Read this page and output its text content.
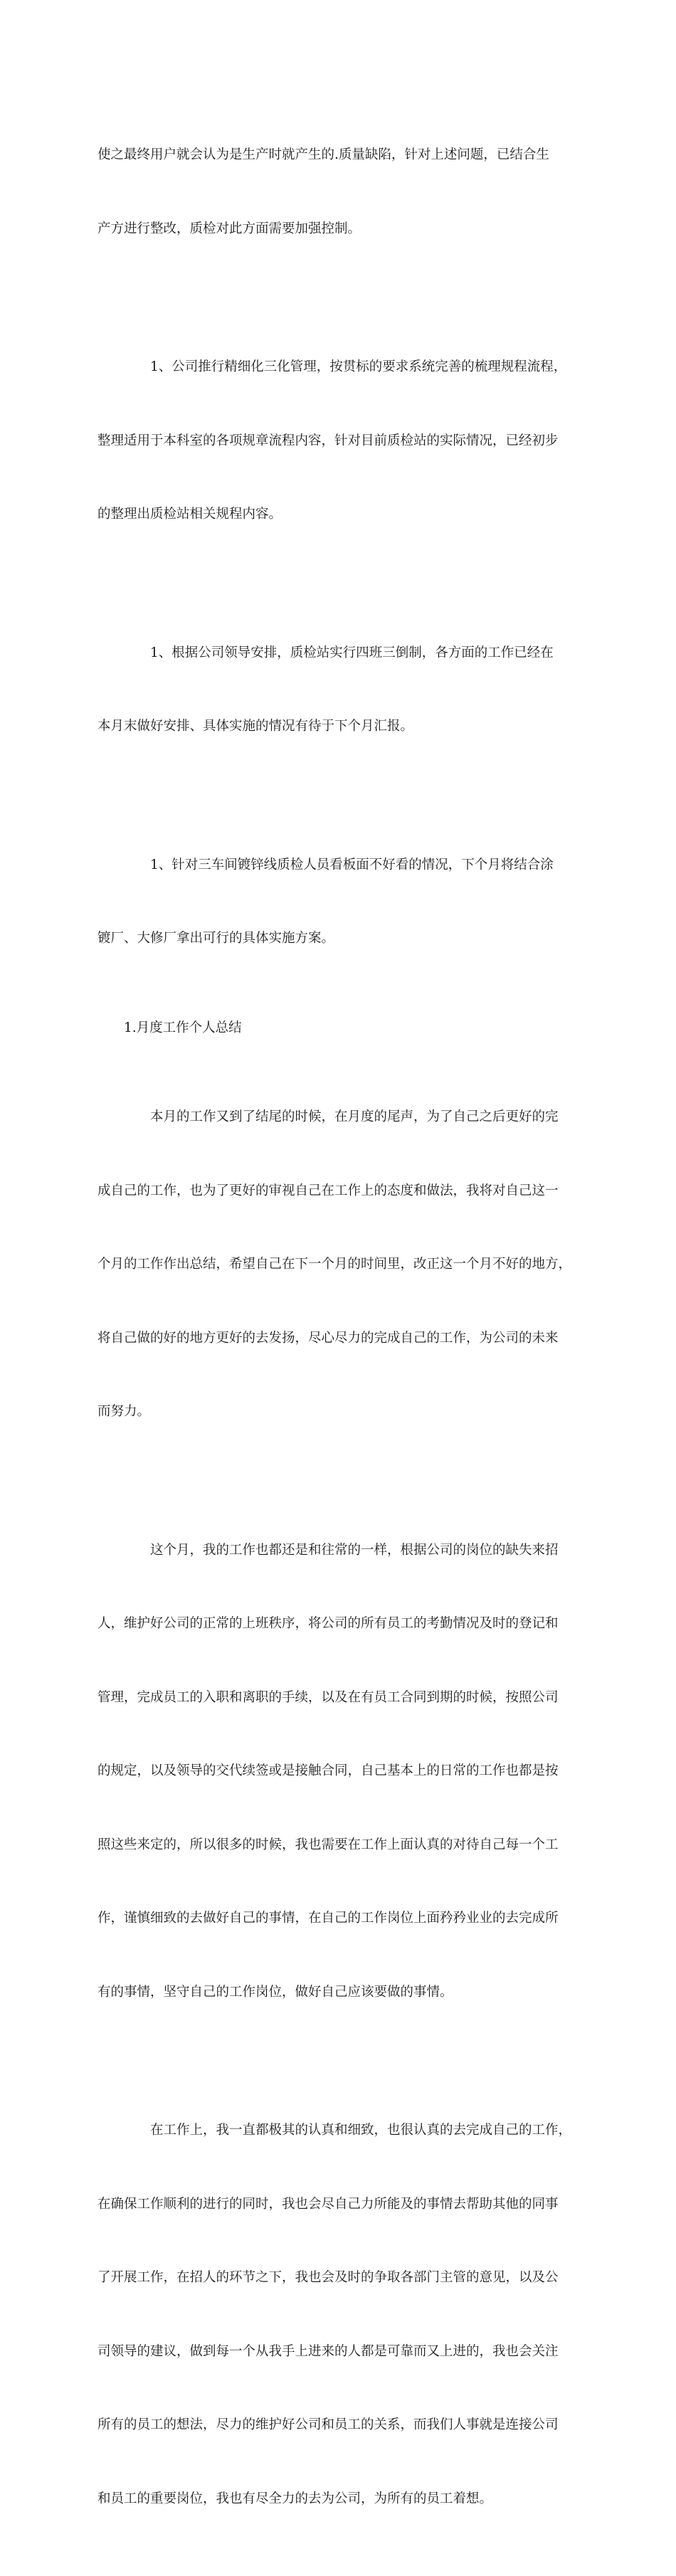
使之最终用户就会认为是生产时就产生的.质量缺陷，针对上述问题，已结合生

产方进行整改，质检对此方面需要加强控制。

1、公司推行精细化三化管理，按贯标的要求系统完善的梳理规程流程，

整理适用于本科室的各项规章流程内容，针对目前质检站的实际情况，已经初步

的整理出质检站相关规程内容。

1、根据公司领导安排，质检站实行四班三倒制，各方面的工作已经在

本月末做好安排、具体实施的情况有待于下个月汇报。

1、针对三车间镀锌线质检人员看板面不好看的情况，下个月将结合涂

镀厂、大修厂拿出可行的具体实施方案。

1.月度工作个人总结

本月的工作又到了结尾的时候，在月度的尾声，为了自己之后更好的完

成自己的工作，也为了更好的审视自己在工作上的态度和做法，我将对自己这一

个月的工作作出总结，希望自己在下一个月的时间里，改正这一个月不好的地方，

将自己做的好的地方更好的去发扬，尽心尽力的完成自己的工作，为公司的未来

而努力。

这个月，我的工作也都还是和往常的一样，根据公司的岗位的缺失来招

人，维护好公司的正常的上班秩序，将公司的所有员工的考勤情况及时的登记和

管理，完成员工的入职和离职的手续，以及在有员工合同到期的时候，按照公司

的规定，以及领导的交代续签或是接触合同，自己基本上的日常的工作也都是按

照这些来定的，所以很多的时候，我也需要在工作上面认真的对待自己每一个工

作，谨慎细致的去做好自己的事情，在自己的工作岗位上面矜矜业业的去完成所

有的事情，坚守自己的工作岗位，做好自己应该要做的事情。

在工作上，我一直都极其的认真和细致，也很认真的去完成自己的工作，

在确保工作顺利的进行的同时，我也会尽自己力所能及的事情去帮助其他的同事

了开展工作，在招人的环节之下，我也会及时的争取各部门主管的意见，以及公

司领导的建议，做到每一个从我手上进来的人都是可靠而又上进的，我也会关注

所有的员工的想法，尽力的维护好公司和员工的关系，而我们人事就是连接公司

和员工的重要岗位，我也有尽全力的去为公司，为所有的员工着想。
